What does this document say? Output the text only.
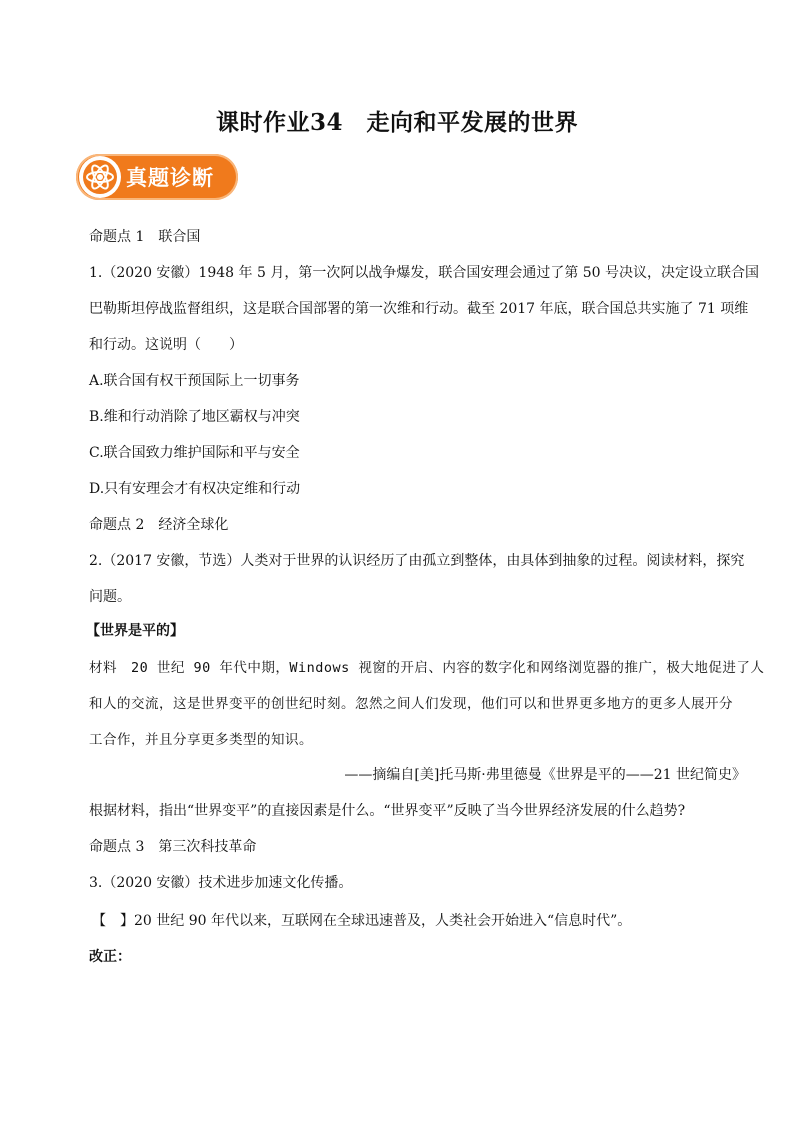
课时作业34　走向和平发展的世界
真题诊断
命题点 1　联合国
1.（2020 安徽）1948 年 5 月，第一次阿以战争爆发，联合国安理会通过了第 50 号决议，决定设立联合国
巴勒斯坦停战监督组织，这是联合国部署的第一次维和行动。截至 2017 年底，联合国总共实施了 71 项维
和行动。这说明（　　）
A.联合国有权干预国际上一切事务
B.维和行动消除了地区霸权与冲突
C.联合国致力维护国际和平与安全
D.只有安理会才有权决定维和行动
命题点 2　经济全球化
2.（2017 安徽，节选）人类对于世界的认识经历了由孤立到整体，由具体到抽象的过程。阅读材料，探究
问题。
【世界是平的】
材料　20 世纪 90 年代中期，Windows 视窗的开启、内容的数字化和网络浏览器的推广，极大地促进了人
和人的交流，这是世界变平的创世纪时刻。忽然之间人们发现，他们可以和世界更多地方的更多人展开分
工合作，并且分享更多类型的知识。
——摘编自[美]托马斯·弗里德曼《世界是平的——21 世纪简史》
根据材料，指出“世界变平”的直接因素是什么。“世界变平”反映了当今世界经济发展的什么趋势?
命题点 3　第三次科技革命
3.（2020 安徽）技术进步加速文化传播。
【　】20 世纪 90 年代以来，互联网在全球迅速普及，人类社会开始进入“信息时代”。
改正：
